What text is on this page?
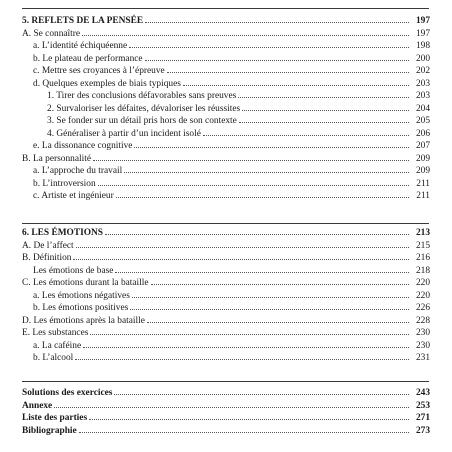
5. REFLETS DE LA PENSÉE	197
A. Se connaître	197
a. L’identité échiquéenne	198
b. Le plateau de performance	200
c. Mettre ses croyances à l’épreuve	202
d. Quelques exemples de biais typiques	203
1. Tirer des conclusions défavorables sans preuves	203
2. Survaloriser les défaites, dévaloriser les réussites	204
3. Se fonder sur un détail pris hors de son contexte	205
4. Généraliser à partir d’un incident isolé	206
e. La dissonance cognitive	207
B. La personnalité	209
a. L’approche du travail	209
b. L’introversion	211
c. Artiste et ingénieur	211
6. LES ÉMOTIONS	213
A. De l’affect	215
B. Définition	216
Les émotions de base	218
C. Les émotions durant la bataille	220
a. Les émotions négatives	220
b. Les émotions positives	226
D. Les émotions après la bataille	228
E. Les substances	230
a. La caféine	230
b. L’alcool	231
Solutions des exercices	243
Annexe	253
Liste des parties	271
Bibliographie	273
